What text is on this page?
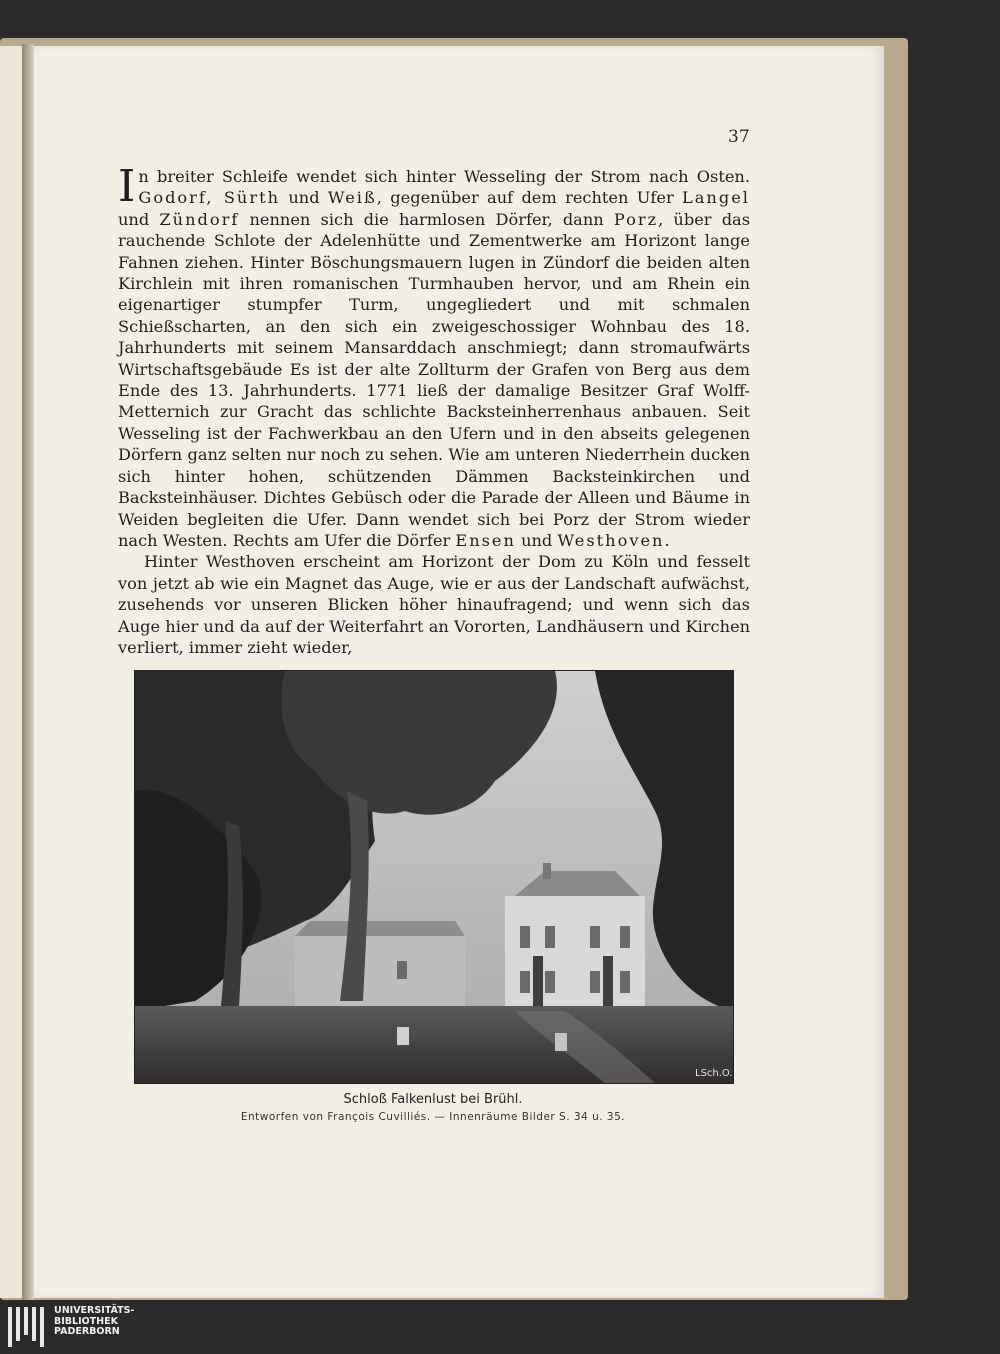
37

In breiter Schleife wendet sich hinter Wesseling der Strom nach Osten. Godorf, Sürth und Weiß, gegenüber auf dem rechten Ufer Langel und Zündorf nennen sich die harmlosen Dörfer, dann Porz, über das rauchende Schlote der Adelenhütte und Zementwerke am Horizont lange Fahnen ziehen. Hinter Böschungsmauern lugen in Zündorf die beiden alten Kirchlein mit ihren romanischen Turmhauben hervor, und am Rhein ein eigenartiger stumpfer Turm, ungegliedert und mit schmalen Schießscharten, an den sich ein zweigeschossiger Wohnbau des 18. Jahrhunderts mit seinem Mansarddach anschmiegt; dann stromaufwärts Wirtschaftsgebäude Es ist der alte Zollturm der Grafen von Berg aus dem Ende des 13. Jahrhunderts. 1771 ließ der damalige Besitzer Graf Wolff-Metternich zur Gracht das schlichte Backsteinherrenhaus anbauen. Seit Wesseling ist der Fachwerkbau an den Ufern und in den abseits gelegenen Dörfern ganz selten nur noch zu sehen. Wie am unteren Niederrhein ducken sich hinter hohen, schützenden Dämmen Backsteinkirchen und Backsteinhäuser. Dichtes Gebüsch oder die Parade der Alleen und Bäume in Weiden begleiten die Ufer. Dann wendet sich bei Porz der Strom wieder nach Westen. Rechts am Ufer die Dörfer Ensen und Westhoven.

Hinter Westhoven erscheint am Horizont der Dom zu Köln und fesselt von jetzt ab wie ein Magnet das Auge, wie er aus der Landschaft aufwächst, zusehends vor unseren Blicken höher hinaufragend; und wenn sich das Auge hier und da auf der Weiterfahrt an Vororten, Landhäusern und Kirchen verliert, immer zieht wieder,

LSch.O.
Schloß Falkenlust bei Brühl.
Entworfen von François Cuvilliés. — Innenräume Bilder S. 34 u. 35.
UNIVERSITÄTS-
BIBLIOTHEK
PADERBORN
